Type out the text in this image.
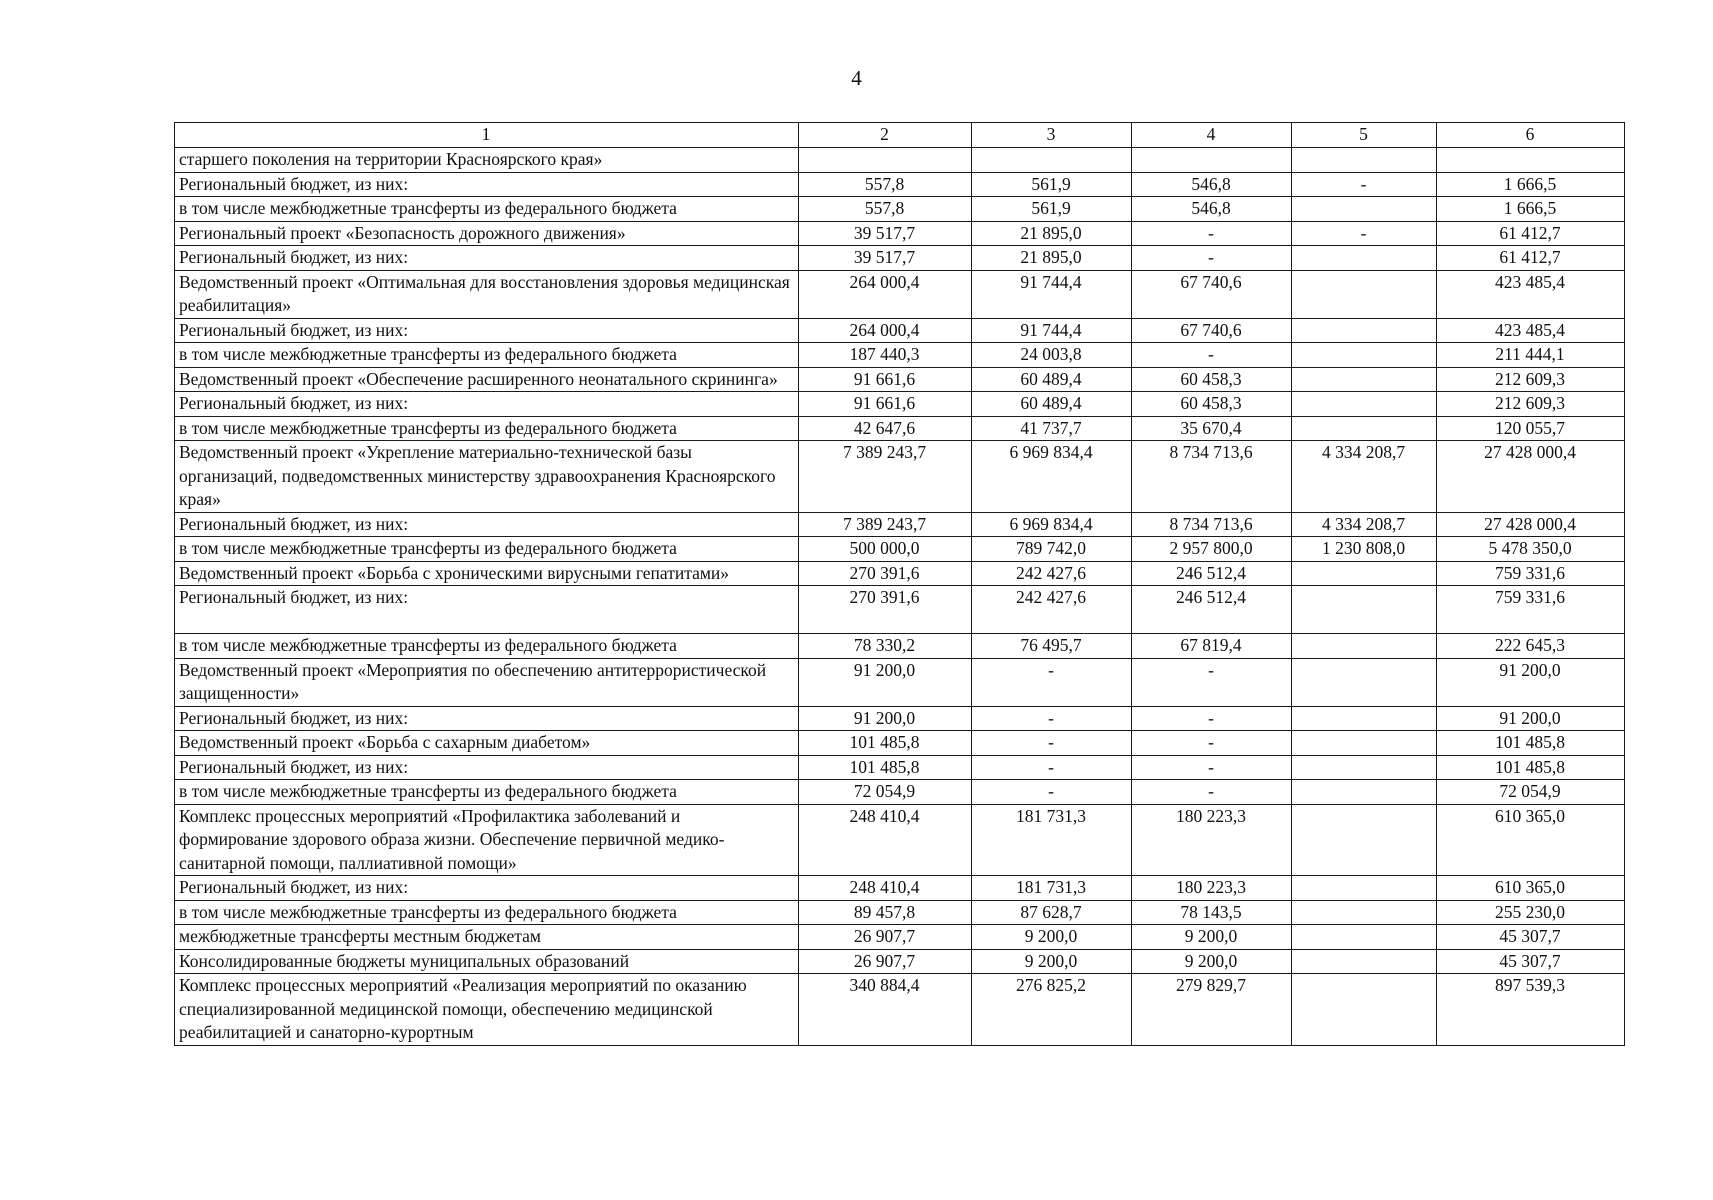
4
1	2	3	4	5	6
старшего поколения на территории Красноярского края»					
Региональный бюджет, из них:	557,8	561,9	546,8	-	1 666,5
в том числе межбюджетные трансферты из федерального бюджета	557,8	561,9	546,8		1 666,5
Региональный проект «Безопасность дорожного движения»	39 517,7	21 895,0	-	-	61 412,7
Региональный бюджет, из них:	39 517,7	21 895,0	-		61 412,7
Ведомственный проект «Оптимальная для восстановления здоровья медицинская реабилитация»	264 000,4	91 744,4	67 740,6		423 485,4
Региональный бюджет, из них:	264 000,4	91 744,4	67 740,6		423 485,4
в том числе межбюджетные трансферты из федерального бюджета	187 440,3	24 003,8	-		211 444,1
Ведомственный проект «Обеспечение расширенного неонатального скрининга»	91 661,6	60 489,4	60 458,3		212 609,3
Региональный бюджет, из них:	91 661,6	60 489,4	60 458,3		212 609,3
в том числе межбюджетные трансферты из федерального бюджета	42 647,6	41 737,7	35 670,4		120 055,7
Ведомственный проект «Укрепление материально-технической базы организаций, подведомственных министерству здравоохранения Красноярского края»	7 389 243,7	6 969 834,4	8 734 713,6	4 334 208,7	27 428 000,4
Региональный бюджет, из них:	7 389 243,7	6 969 834,4	8 734 713,6	4 334 208,7	27 428 000,4
в том числе межбюджетные трансферты из федерального бюджета	500 000,0	789 742,0	2 957 800,0	1 230 808,0	5 478 350,0
Ведомственный проект «Борьба с хроническими вирусными гепатитами»	270 391,6	242 427,6	246 512,4		759 331,6
Региональный бюджет, из них:	270 391,6	242 427,6	246 512,4		759 331,6
в том числе межбюджетные трансферты из федерального бюджета	78 330,2	76 495,7	67 819,4		222 645,3
Ведомственный проект «Мероприятия по обеспечению антитеррористической защищенности»	91 200,0	-	-		91 200,0
Региональный бюджет, из них:	91 200,0	-	-		91 200,0
Ведомственный проект «Борьба с сахарным диабетом»	101 485,8	-	-		101 485,8
Региональный бюджет, из них:	101 485,8	-	-		101 485,8
в том числе межбюджетные трансферты из федерального бюджета	72 054,9	-	-		72 054,9
Комплекс процессных мероприятий «Профилактика заболеваний и формирование здорового образа жизни. Обеспечение первичной медико-санитарной помощи, паллиативной помощи»	248 410,4	181 731,3	180 223,3		610 365,0
Региональный бюджет, из них:	248 410,4	181 731,3	180 223,3		610 365,0
в том числе межбюджетные трансферты из федерального бюджета	89 457,8	87 628,7	78 143,5		255 230,0
межбюджетные трансферты местным бюджетам	26 907,7	9 200,0	9 200,0		45 307,7
Консолидированные бюджеты муниципальных образований	26 907,7	9 200,0	9 200,0		45 307,7
Комплекс процессных мероприятий «Реализация мероприятий по оказанию специализированной медицинской помощи, обеспечению медицинской реабилитацией и санаторно-курортным	340 884,4	276 825,2	279 829,7		897 539,3
